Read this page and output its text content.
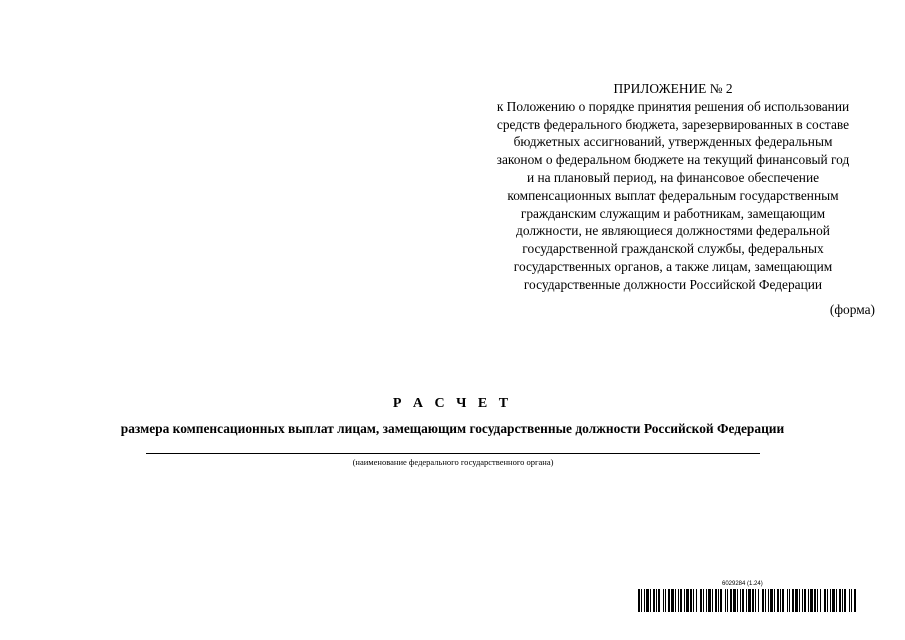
ПРИЛОЖЕНИЕ № 2
к Положению о порядке принятия решения об использовании
средств федерального бюджета, зарезервированных в составе
бюджетных ассигнований, утвержденных федеральным
законом о федеральном бюджете на текущий финансовый год
и на плановый период, на финансовое обеспечение
компенсационных выплат федеральным государственным
гражданским служащим и работникам, замещающим
должности, не являющиеся должностями федеральной
государственной гражданской службы, федеральных
государственных органов, а также лицам, замещающим
государственные должности Российской Федерации
(форма)
Р А С Ч Е Т
размера компенсационных выплат лицам, замещающим государственные должности Российской Федерации
(наименование федерального государственного органа)
6029284 (1.24)
